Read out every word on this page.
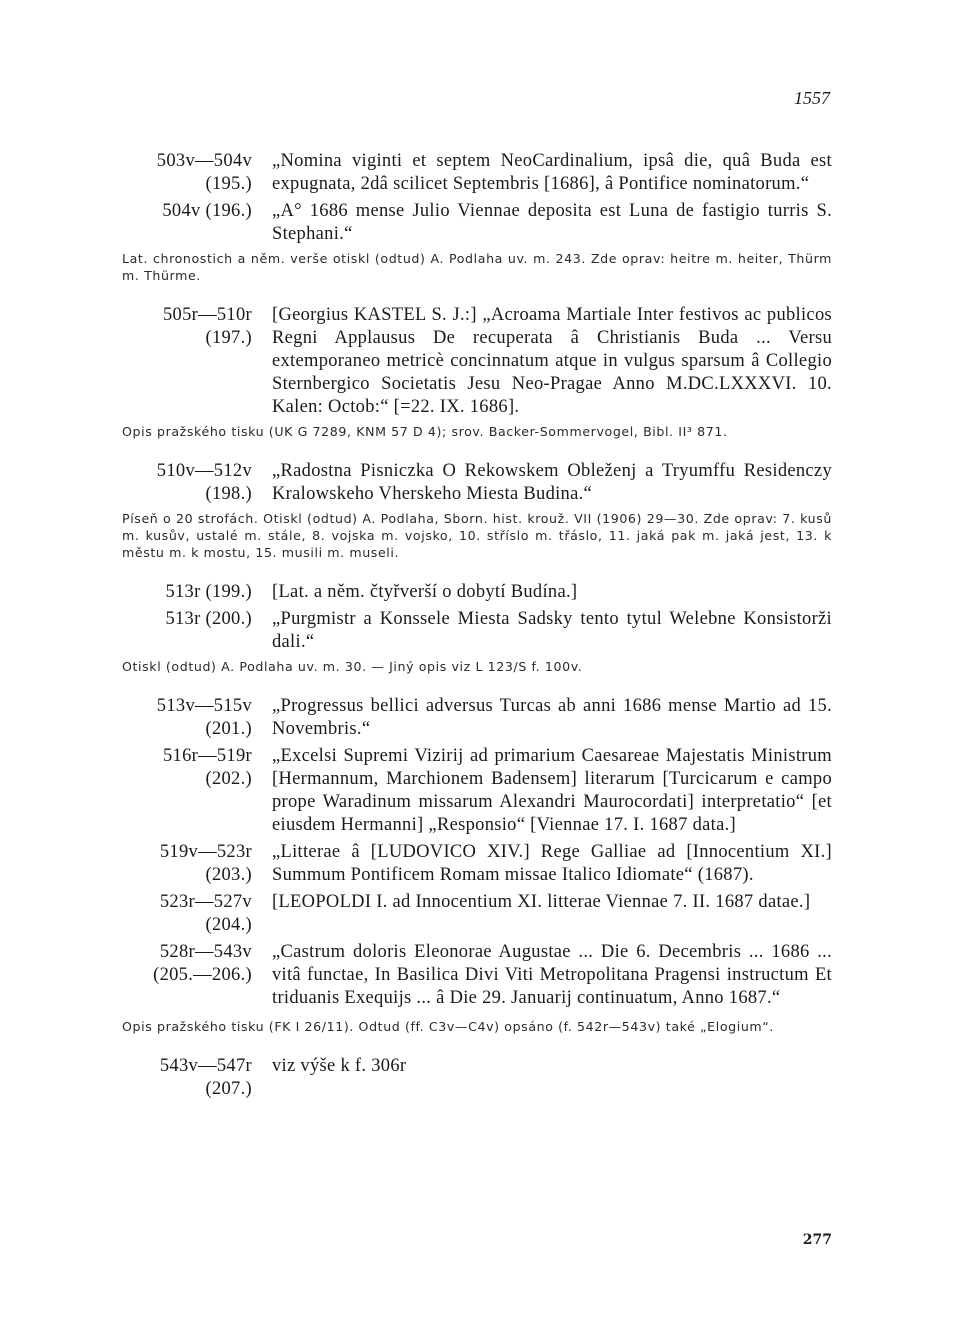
1557
503v—504v
(195.)
„Nomina viginti et septem NeoCardinalium, ipsâ die, quâ Buda est expugnata, 2dâ scilicet Septembris [1686], â Pontifice nominatorum.“
504v (196.) „A° 1686 mense Julio Viennae deposita est Luna de fastigio turris S. Stephani.“
Lat. chronostich a něm. verše otiskl (odtud) A. Podlaha uv. m. 243. Zde oprav: heitre m. heiter, Thürm m. Thürme.
505r—510r
(197.)
[Georgius KASTEL S. J.:] „Acroama Martiale Inter festivos ac publicos Regni Applausus De recuperata â Christianis Buda ... Versu extemporaneo metricè concinnatum atque in vulgus sparsum â Collegio Sternbergico Societatis Jesu Neo-Pragae Anno M.DC.LXXXVI. 10. Kalen: Octob:“ [=22. IX. 1686].
Opis pražského tisku (UK G 7289, KNM 57 D 4); srov. Backer-Sommervogel, Bibl. II³ 871.
510v—512v
(198.)
„Radostna Pisniczka O Rekowskem Obleženj a Tryumffu Residenczy Kralowskeho Vherskeho Miesta Budina.“
Píseň o 20 strofách. Otiskl (odtud) A. Podlaha, Sborn. hist. krouž. VII (1906) 29—30. Zde oprav: 7. kusů m. kusův, ustalé m. stále, 8. vojska m. vojsko, 10. stříslo m. třáslo, 11. jaká pak m. jaká jest, 13. k městu m. k mostu, 15. musili m. museli.
513r (199.) [Lat. a něm. čtyřverší o dobytí Budína.]
513r (200.) „Purgmistr a Konssele Miesta Sadsky tento tytul Welebne Konsistorži dali.“
Otiskl (odtud) A. Podlaha uv. m. 30. — Jiný opis viz L 123/S f. 100v.
513v—515v
(201.)
„Progressus bellici adversus Turcas ab anni 1686 mense Martio ad 15. Novembris.“
516r—519r
(202.)
„Excelsi Supremi Vizirij ad primarium Caesareae Majestatis Ministrum [Hermannum, Marchionem Badensem] literarum [Turcicarum e campo prope Waradinum missarum Alexandri Maurocordati] interpretatio“ [et eiusdem Hermanni] „Responsio“ [Viennae 17. I. 1687 data.]
519v—523r
(203.)
„Litterae â [LUDOVICO XIV.] Rege Galliae ad [Innocentium XI.] Summum Pontificem Romam missae Italico Idiomate“ (1687).
523r—527v
(204.)
[LEOPOLDI I. ad Innocentium XI. litterae Viennae 7. II. 1687 datae.]
528r—543v
(205.—206.)
„Castrum doloris Eleonorae Augustae ... Die 6. Decembris ... 1686 ... vitâ functae, In Basilica Divi Viti Metropolitana Pragensi instructum Et triduanis Exequijs ... â Die 29. Januarij continuatum, Anno 1687.“
Opis pražského tisku (FK I 26/11). Odtud (ff. C3v—C4v) opsáno (f. 542r—543v) také „Elogium“.
543v—547r
(207.)
viz výše k f. 306r
277
